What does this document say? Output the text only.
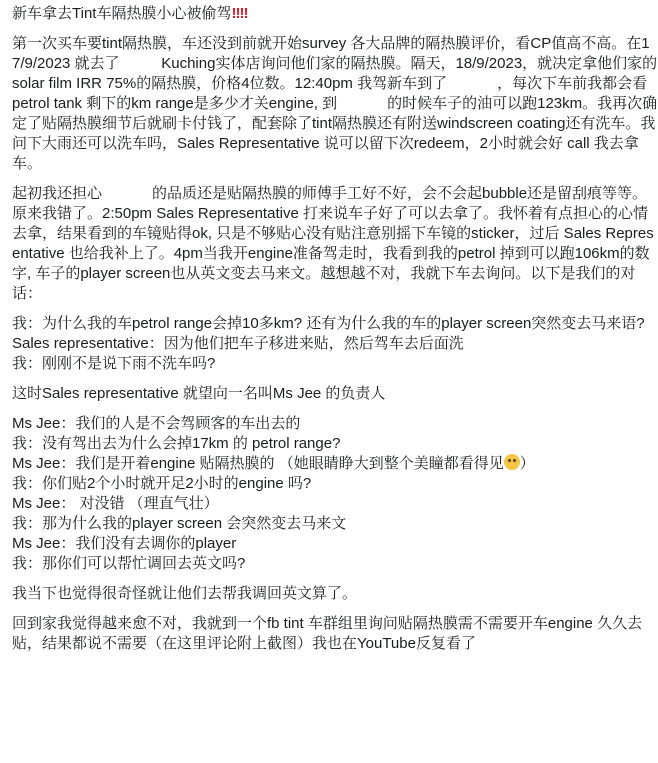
新车拿去Tint车隔热膜小心被偷驾‼‼

第一次买车要tint隔热膜，车还没到前就开始survey 各大品牌的隔热膜评价，看CP值高不高。在17/9/2023 就去了          Kuching实体店询问他们家的隔热膜。隔天，18/9/2023，就决定拿他们家的solar film IRR 75%的隔热膜，价格4位数。12:40pm 我驾新车到了            ，每次下车前我都会看 petrol tank 剩下的km range是多少才关engine, 到            的时候车子的油可以跑123km。我再次确定了贴隔热膜细节后就刷卡付钱了，配套除了tint隔热膜还有附送windscreen coating还有洗车。我问下大雨还可以洗车吗，Sales Representative 说可以留下次redeem，2小时就会好 call 我去拿车。

起初我还担心            的品质还是贴隔热膜的师傅手工好不好，会不会起bubble还是留刮痕等等。原来我错了。2:50pm Sales Representative 打来说车子好了可以去拿了。我怀着有点担心的心情去拿，结果看到的车镜贴得ok, 只是不够贴心没有贴注意别摇下车镜的sticker，过后 Sales Representative 也给我补上了。4pm当我开engine准备驾走时，我看到我的petrol 掉到可以跑106km的数字, 车子的player screen也从英文变去马来文。越想越不对，我就下车去询问。以下是我们的对话：

我：为什么我的车petrol range会掉10多km? 还有为什么我的车的player screen突然变去马来语?

Sales representative：因为他们把车子移进来贴，然后驾车去后面洗

我：刚刚不是说下雨不洗车吗?

这时Sales representative 就望向一名叫Ms Jee 的负责人

Ms Jee：我们的人是不会驾顾客的车出去的

我：没有驾出去为什么会掉17km 的 petrol range?

Ms Jee：我们是开着engine 贴隔热膜的 （她眼睛睁大到整个美瞳都看得见 ）

我：你们贴2个小时就开足2小时的engine 吗?

Ms Jee： 对没错 （理直气壮）

我：那为什么我的player screen 会突然变去马来文

Ms Jee：我们没有去调你的player

我：那你们可以帮忙调回去英文吗?

我当下也觉得很奇怪就让他们去帮我调回英文算了。

回到家我觉得越来愈不对，我就到一个fb tint 车群组里询问贴隔热膜需不需要开车engine 久久去贴，结果都说不需要（在这里评论附上截图）我也在YouTube反复看了
